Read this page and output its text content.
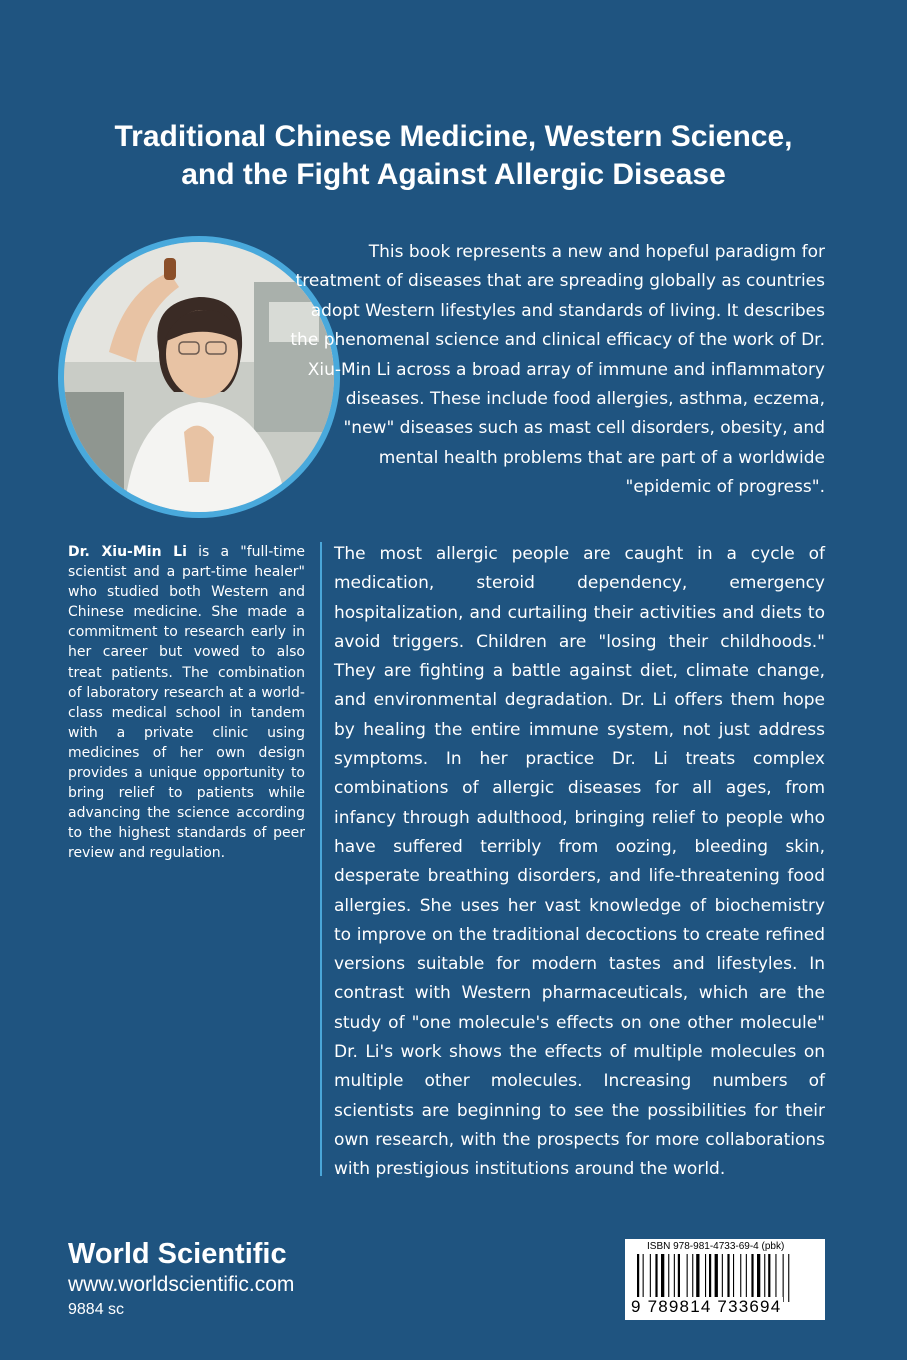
Traditional Chinese Medicine, Western Science,
and the Fight Against Allergic Disease

This book represents a new and hopeful paradigm for treatment of diseases that are spreading globally as countries adopt Western lifestyles and standards of living. It describes the phenomenal science and clinical efficacy of the work of Dr. Xiu-Min Li across a broad array of immune and inflammatory diseases. These include food allergies, asthma, eczema, "new" diseases such as mast cell disorders, obesity, and mental health problems that are part of a worldwide "epidemic of progress".

Dr. Xiu-Min Li is a "full-time scientist and a part-time healer" who studied both Western and Chinese medicine. She made a commitment to research early in her career but vowed to also treat patients. The combination of laboratory research at a world-class medical school in tandem with a private clinic using medicines of her own design provides a unique opportunity to bring relief to patients while advancing the science according to the highest standards of peer review and regulation.

The most allergic people are caught in a cycle of medication, steroid dependency, emergency hospitalization, and curtailing their activities and diets to avoid triggers. Children are "losing their childhoods." They are fighting a battle against diet, climate change, and environmental degradation. Dr. Li offers them hope by healing the entire immune system, not just address symptoms. In her practice Dr. Li treats complex combinations of allergic diseases for all ages, from infancy through adulthood, bringing relief to people who have suffered terribly from oozing, bleeding skin, desperate breathing disorders, and life-threatening food allergies. She uses her vast knowledge of biochemistry to improve on the traditional decoctions to create refined versions suitable for modern tastes and lifestyles. In contrast with Western pharmaceuticals, which are the study of "one molecule's effects on one other molecule" Dr. Li's work shows the effects of multiple molecules on multiple other molecules. Increasing numbers of scientists are beginning to see the possibilities for their own research, with the prospects for more collaborations with prestigious institutions around the world.

World Scientific
www.worldscientific.com
9884 sc
ISBN 978-981-4733-69-4 (pbk)
9 789814 733694
